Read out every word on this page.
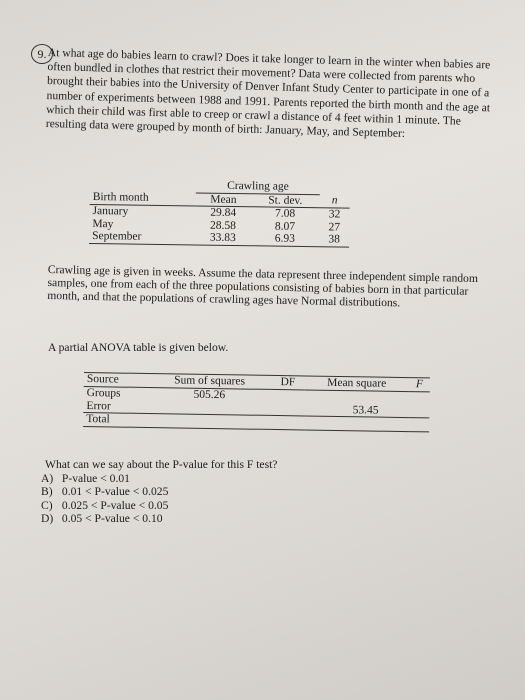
9. At what age do babies learn to crawl? Does it take longer to learn in the winter when babies are often bundled in clothes that restrict their movement? Data were collected from parents who brought their babies into the University of Denver Infant Study Center to participate in one of a number of experiments between 1988 and 1991. Parents reported the birth month and the age at which their child was first able to creep or crawl a distance of 4 feet within 1 minute. The resulting data were grouped by month of birth: January, May, and September:

	Crawling age		
Birth month	Mean	St. dev.	n
January	29.84	7.08	32
May	28.58	8.07	27
September	33.83	6.93	38

Crawling age is given in weeks. Assume the data represent three independent simple random samples, one from each of the three populations consisting of babies born in that particular month, and that the populations of crawling ages have Normal distributions.

A partial ANOVA table is given below.

Source	Sum of squares	DF	Mean square	F
Groups	505.26			
Error			53.45	
Total				
What can we say about the P-value for this F test?
A) P-value < 0.01
B) 0.01 < P-value < 0.025
C) 0.025 < P-value < 0.05
D) 0.05 < P-value < 0.10
